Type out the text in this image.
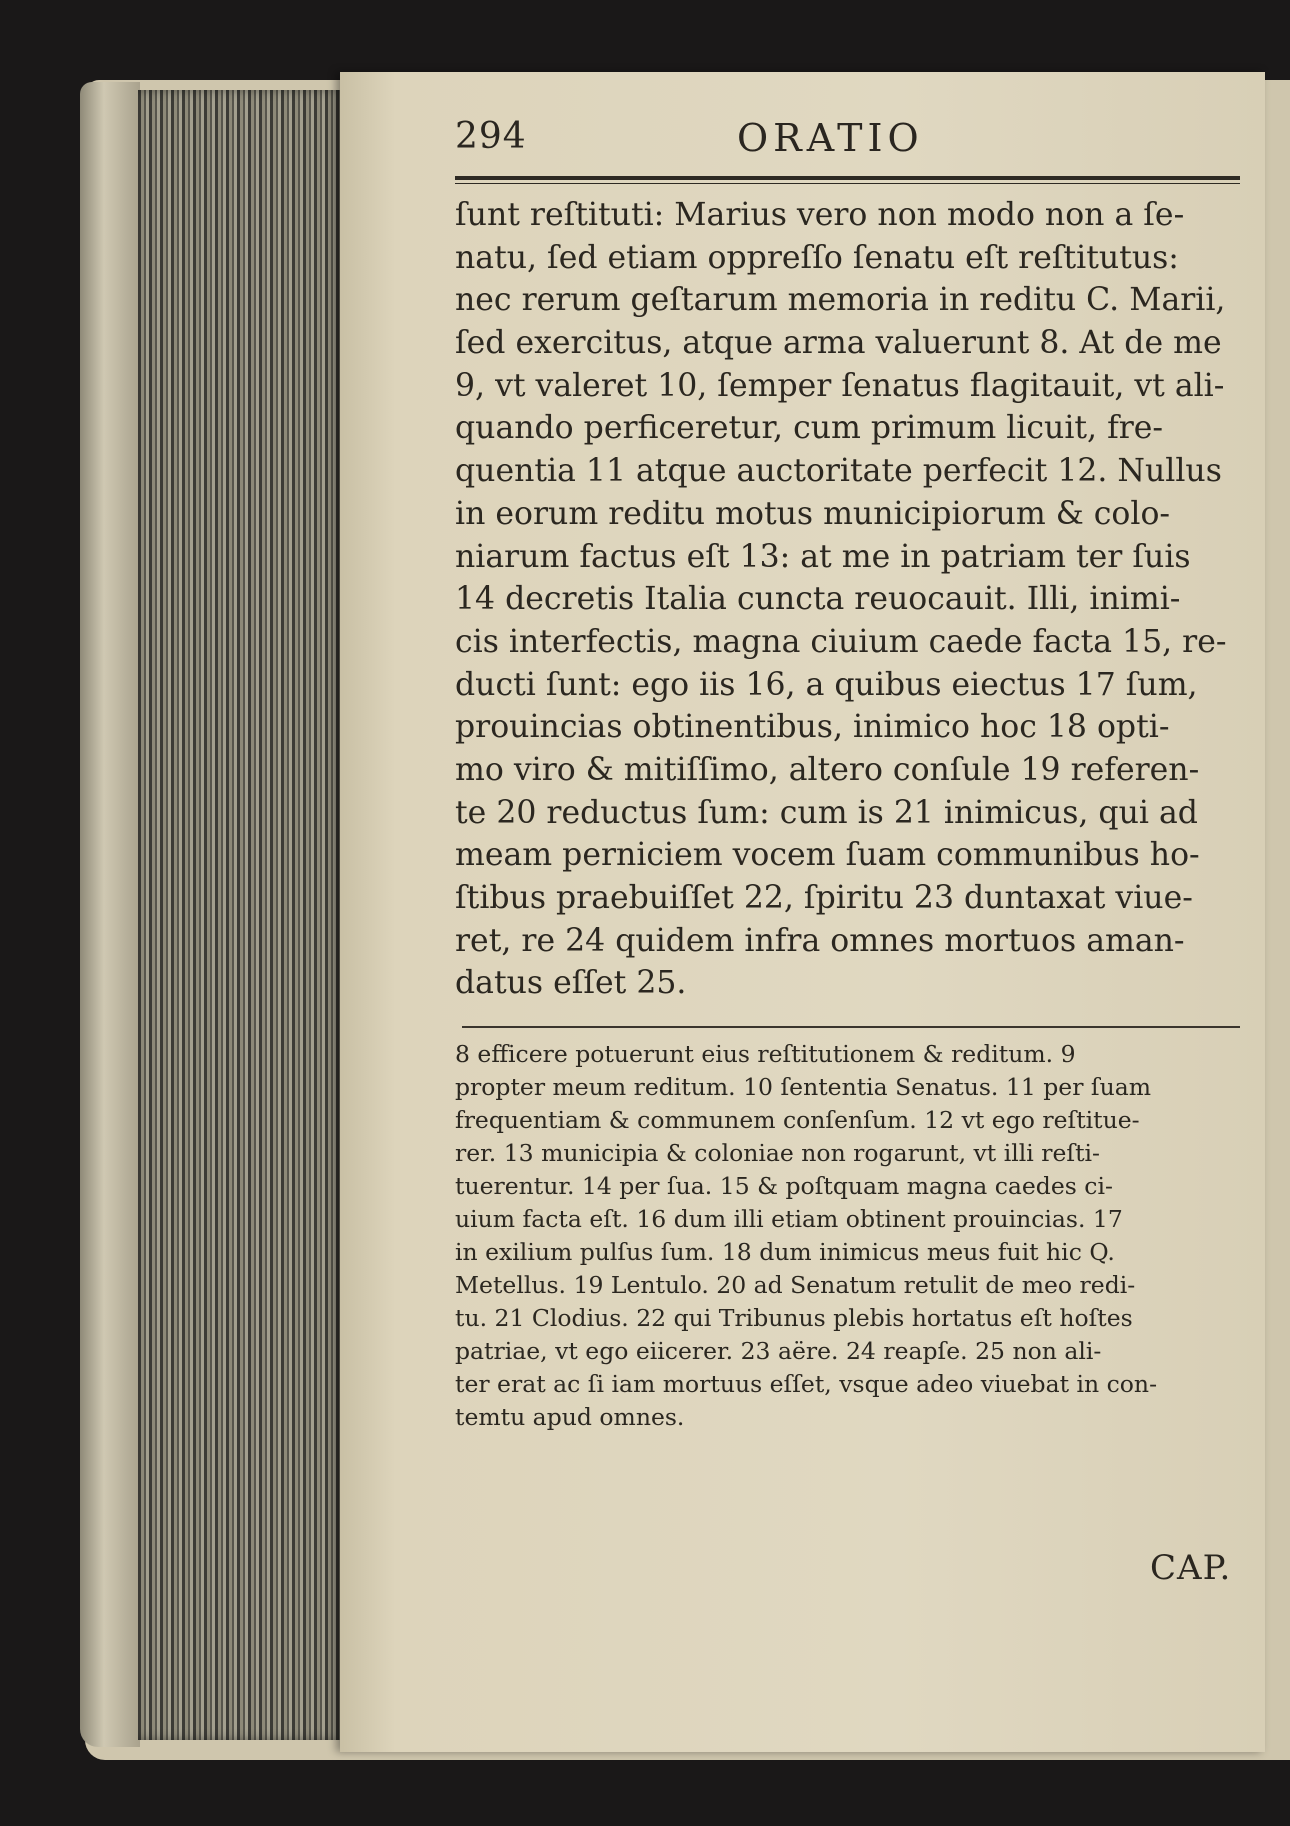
294	ORATIO
ſunt reſtituti: Marius vero non modo non a ſe-
natu, ſed etiam oppreſſo ſenatu eſt reſtitutus:
nec rerum geſtarum memoria in reditu C. Marii,
ſed exercitus, atque arma valuerunt 8. At de me
9, vt valeret 10, ſemper ſenatus flagitauit, vt ali-
quando perficeretur, cum primum licuit, fre-
quentia 11 atque auctoritate perfecit 12. Nullus
in eorum reditu motus municipiorum & colo-
niarum factus eſt 13: at me in patriam ter ſuis
14 decretis Italia cuncta reuocauit. Illi, inimi-
cis interfectis, magna ciuium caede facta 15, re-
ducti ſunt: ego iis 16, a quibus eiectus 17 ſum,
prouincias obtinentibus, inimico hoc 18 opti-
mo viro & mitiſſimo, altero conſule 19 referen-
te 20 reductus ſum: cum is 21 inimicus, qui ad
meam perniciem vocem ſuam communibus ho-
ſtibus praebuiſſet 22, ſpiritu 23 duntaxat viue-
ret, re 24 quidem infra omnes mortuos aman-
datus eſſet 25.
8 efficere potuerunt eius reſtitutionem & reditum. 9
propter meum reditum. 10 ſententia Senatus. 11 per ſuam
frequentiam & communem conſenſum. 12 vt ego reſtitue-
rer. 13 municipia & coloniae non rogarunt, vt illi reſti-
tuerentur. 14 per ſua. 15 & poſtquam magna caedes ci-
uium facta eſt. 16 dum illi etiam obtinent prouincias. 17
in exilium pulſus ſum. 18 dum inimicus meus fuit hic Q.
Metellus. 19 Lentulo. 20 ad Senatum retulit de meo redi-
tu. 21 Clodius. 22 qui Tribunus plebis hortatus eſt hoſtes
patriae, vt ego eiicerer. 23 aëre. 24 reapſe. 25 non ali-
ter erat ac ſi iam mortuus eſſet, vsque adeo viuebat in con-
temtu apud omnes.
CAP.
